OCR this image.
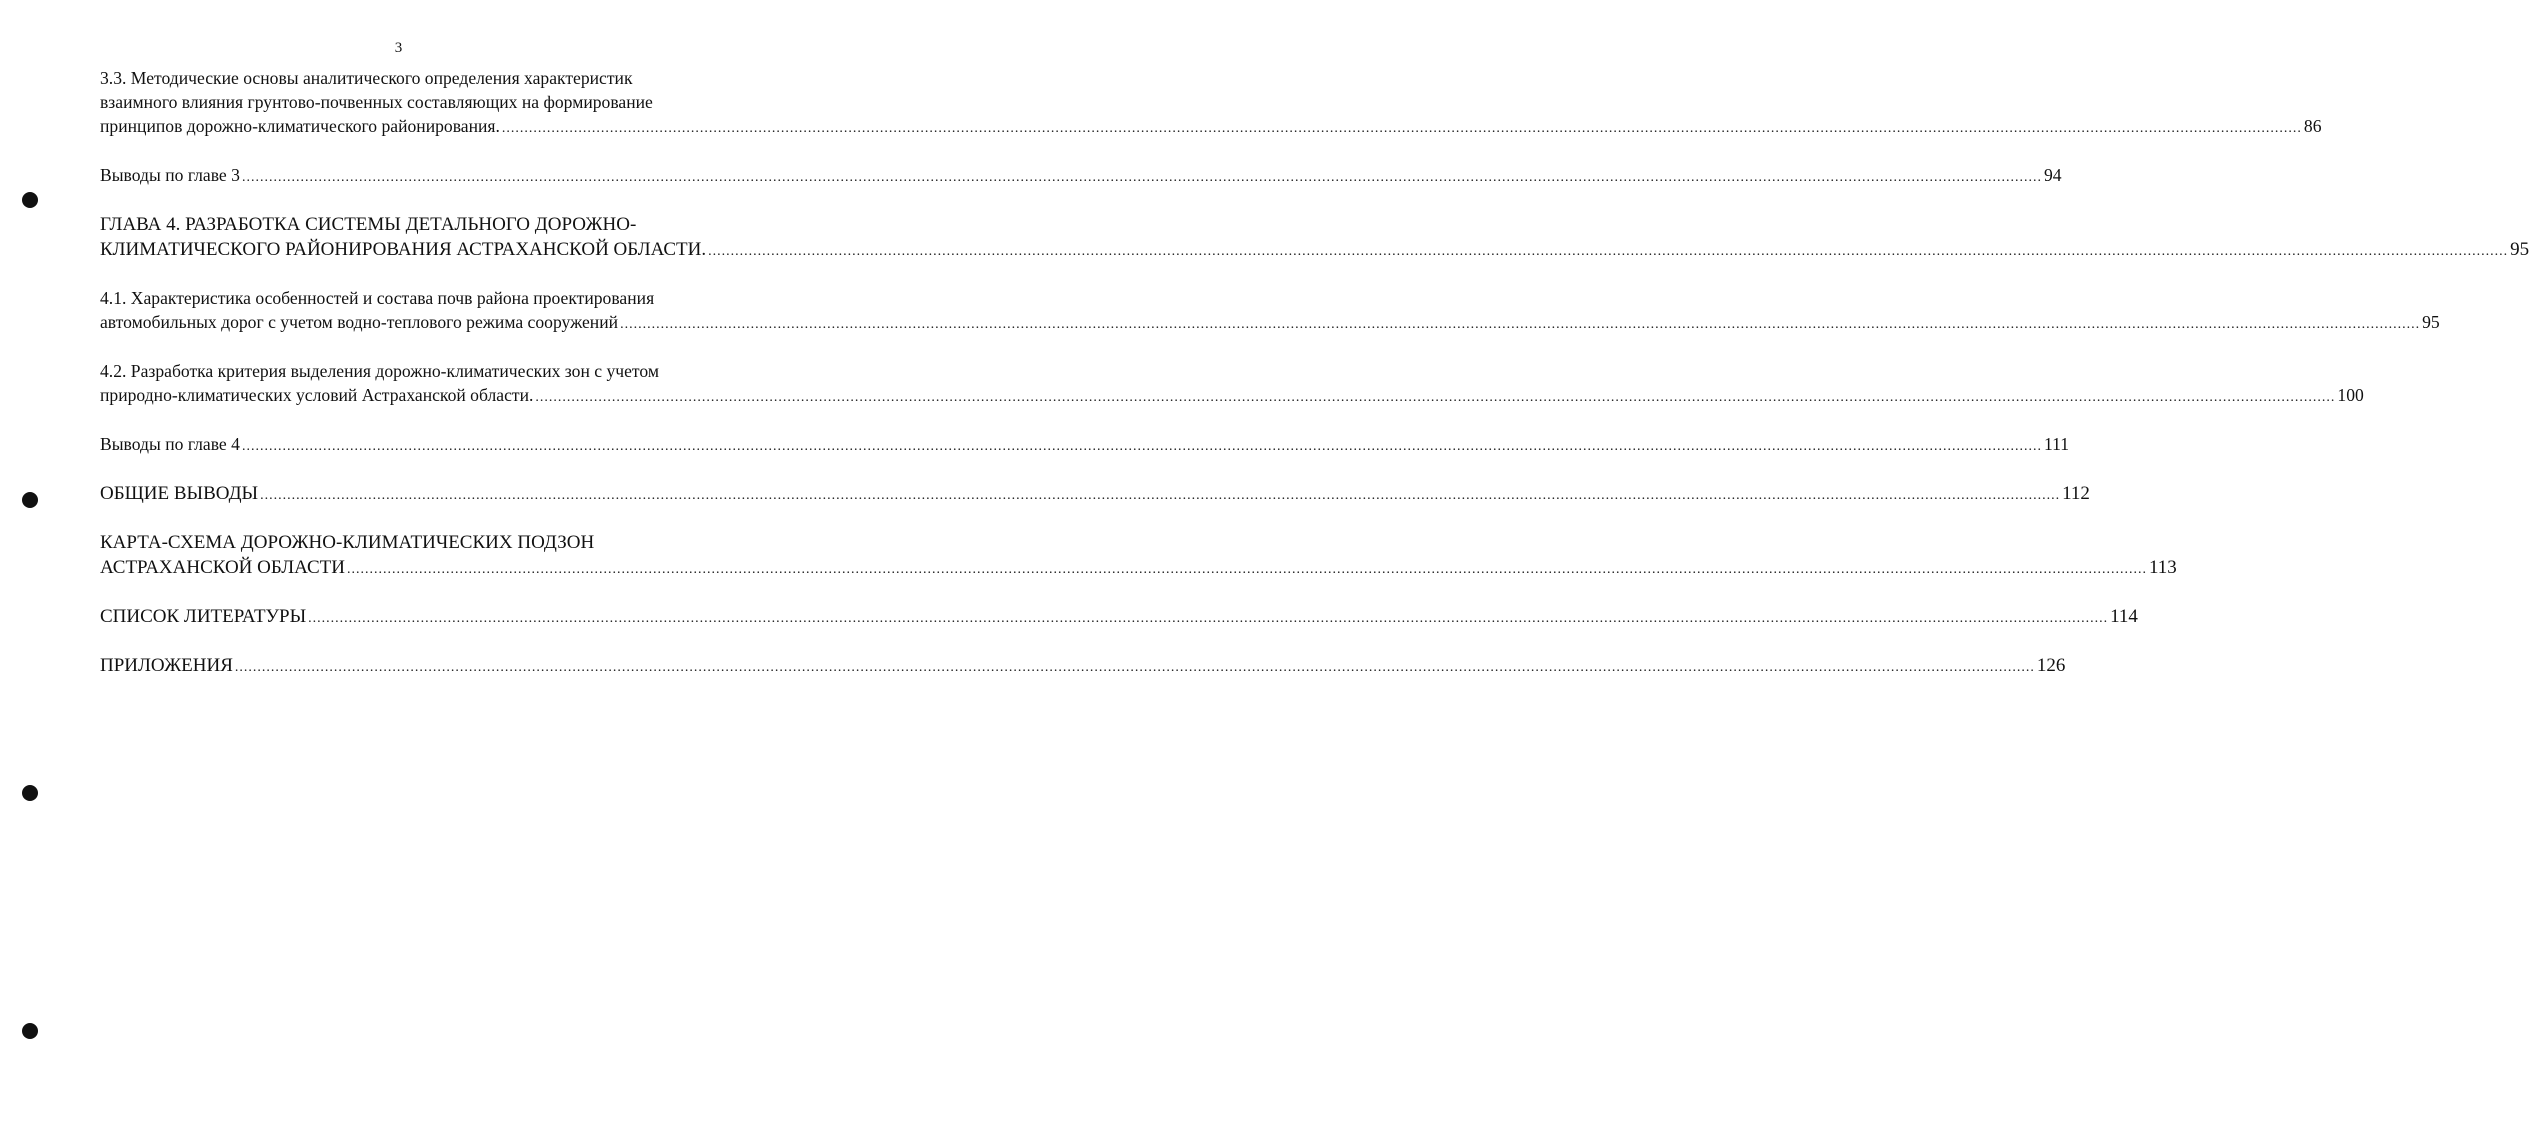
3
3.3. Методические основы аналитического определения характеристик
взаимного влияния грунтово-почвенных составляющих на формирование
принципов дорожно-климатического районирования. ................................................................................................................................................................................................................................................................................................................................................................................................................ 86
Выводы по главе 3 ................................................................................................................................................................................................................................................................................................................................................................................................................ 94
ГЛАВА 4. РАЗРАБОТКА СИСТЕМЫ ДЕТАЛЬНОГО ДОРОЖНО-
КЛИМАТИЧЕСКОГО РАЙОНИРОВАНИЯ АСТРАХАНСКОЙ ОБЛАСТИ. ................................................................................................................................................................................................................................................................................................................................................................................................................ 95
4.1. Характеристика особенностей и состава почв района проектирования
автомобильных дорог с учетом водно-теплового режима сооружений ................................................................................................................................................................................................................................................................................................................................................................................................................ 95
4.2. Разработка критерия выделения дорожно-климатических зон с учетом
природно-климатических условий Астраханской области. ................................................................................................................................................................................................................................................................................................................................................................................................................ 100
Выводы по главе 4 ................................................................................................................................................................................................................................................................................................................................................................................................................ 111
ОБЩИЕ ВЫВОДЫ ................................................................................................................................................................................................................................................................................................................................................................................................................ 112
КАРТА-СХЕМА ДОРОЖНО-КЛИМАТИЧЕСКИХ ПОДЗОН
АСТРАХАНСКОЙ ОБЛАСТИ ................................................................................................................................................................................................................................................................................................................................................................................................................ 113
СПИСОК ЛИТЕРАТУРЫ ................................................................................................................................................................................................................................................................................................................................................................................................................ 114
ПРИЛОЖЕНИЯ ................................................................................................................................................................................................................................................................................................................................................................................................................ 126
